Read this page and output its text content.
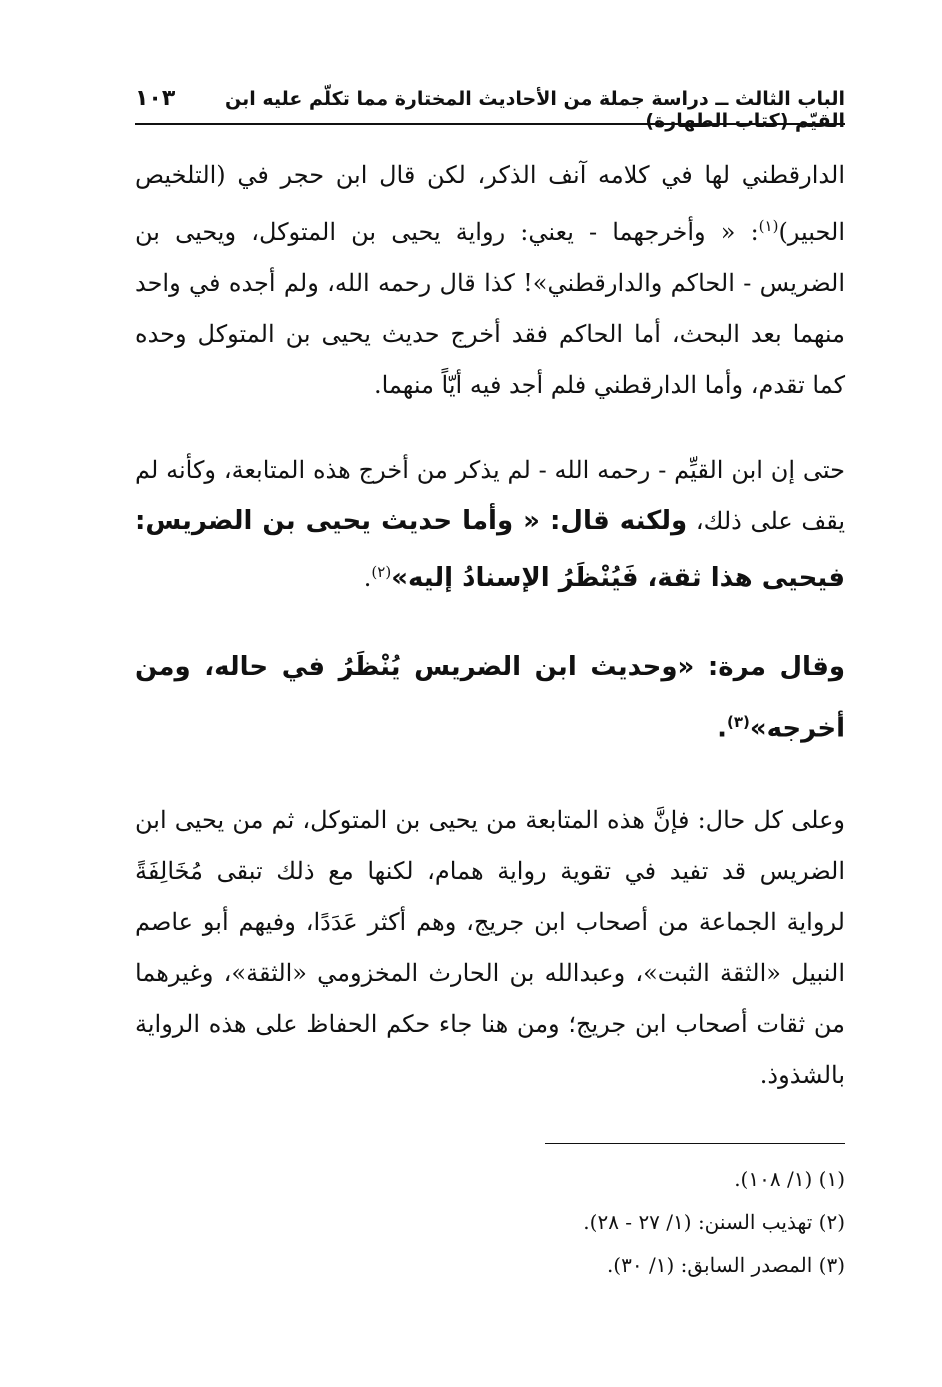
الباب الثالث ــ دراسة جملة من الأحاديث المختارة مما تكلّم عليه ابن القيّم (كتاب الطهارة)
١٠٣

الدارقطني لها في كلامه آنف الذكر، لكن قال ابن حجر في (التلخيص الحبير)$^{(١)}$: « وأخرجهما - يعني: رواية يحيى بن المتوكل، ويحيى بن الضريس - الحاكم والدارقطني»! كذا قال رحمه الله، ولم أجده في واحد منهما بعد البحث، أما الحاكم فقد أخرج حديث يحيى بن المتوكل وحده كما تقدم، وأما الدارقطني فلم أجد فيه أيّاً منهما.

حتى إن ابن القيِّم - رحمه الله - لم يذكر من أخرج هذه المتابعة، وكأنه لم يقف على ذلك، ولكنه قال: « وأما حديث يحيى بن الضريس: فيحيى هذا ثقة، فَيُنْظَرُ الإسنادُ إليه»$^{(٢)}$.

وقال مرة: «وحديث ابن الضريس يُنْظَرُ في حاله، ومن أخرجه»$^{(٣)}$.

وعلى كل حال: فإنَّ هذه المتابعة من يحيى بن المتوكل، ثم من يحيى ابن الضريس قد تفيد في تقوية رواية همام، لكنها مع ذلك تبقى مُخَالِفَةً لرواية الجماعة من أصحاب ابن جريج، وهم أكثر عَدَدًا، وفيهم أبو عاصم النبيل «الثقة الثبت»، وعبدالله بن الحارث المخزومي «الثقة»، وغيرهما من ثقات أصحاب ابن جريج؛ ومن هنا جاء حكم الحفاظ على هذه الرواية بالشذوذ.

(١) (١/ ١٠٨).
(٢) تهذيب السنن: (١/ ٢٧ - ٢٨).
(٣) المصدر السابق: (١/ ٣٠).
